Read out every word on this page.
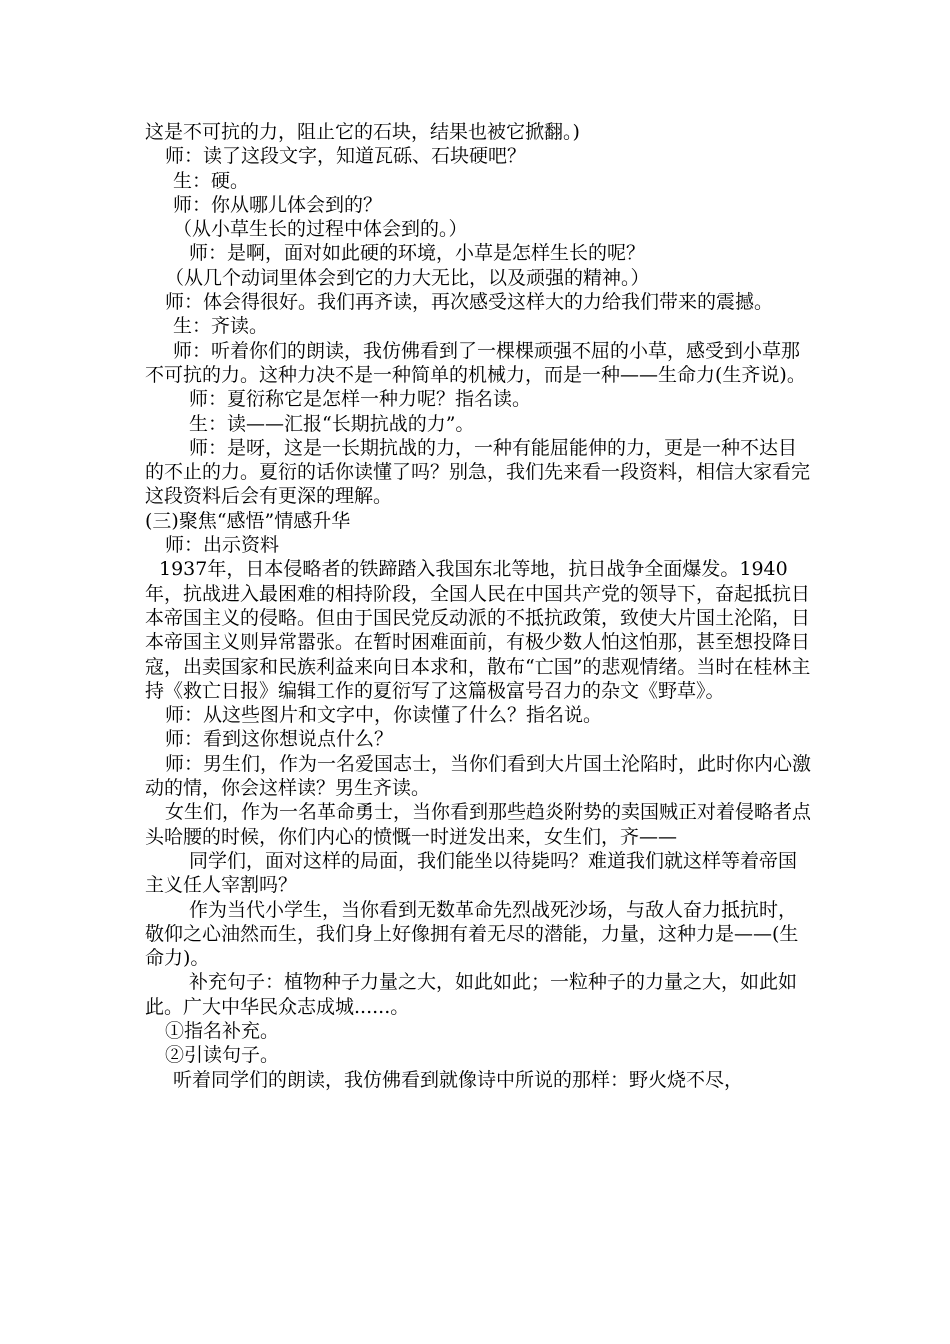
这是不可抗的力，阻止它的石块，结果也被它掀翻。)

师：读了这段文字，知道瓦砾、石块硬吧？

生：硬。

师：你从哪儿体会到的？

（从小草生长的过程中体会到的。）

师：是啊，面对如此硬的环境，小草是怎样生长的呢？

（从几个动词里体会到它的力大无比，以及顽强的精神。）

师：体会得很好。我们再齐读，再次感受这样大的力给我们带来的震撼。

生：齐读。

师：听着你们的朗读，我仿佛看到了一棵棵顽强不屈的小草，感受到小草那不可抗的力。这种力决不是一种简单的机械力，而是一种——生命力(生齐说)。

师：夏衍称它是怎样一种力呢？指名读。

生：读——汇报“长期抗战的力”。

师：是呀，这是一长期抗战的力，一种有能屈能伸的力，更是一种不达目的不止的力。夏衍的话你读懂了吗？别急，我们先来看一段资料，相信大家看完这段资料后会有更深的理解。

(三)聚焦“感悟”情感升华

师：出示资料

1937年，日本侵略者的铁蹄踏入我国东北等地，抗日战争全面爆发。1940年，抗战进入最困难的相持阶段，全国人民在中国共产党的领导下，奋起抵抗日本帝国主义的侵略。但由于国民党反动派的不抵抗政策，致使大片国土沦陷，日本帝国主义则异常嚣张。在暂时困难面前，有极少数人怕这怕那，甚至想投降日寇，出卖国家和民族利益来向日本求和，散布“亡国”的悲观情绪。当时在桂林主持《救亡日报》编辑工作的夏衍写了这篇极富号召力的杂文《野草》。

师：从这些图片和文字中，你读懂了什么？指名说。

师：看到这你想说点什么？

师：男生们，作为一名爱国志士，当你们看到大片国土沦陷时，此时你内心激动的情，你会这样读？男生齐读。

女生们，作为一名革命勇士，当你看到那些趋炎附势的卖国贼正对着侵略者点头哈腰的时候，你们内心的愤慨一时迸发出来，女生们，齐——

同学们，面对这样的局面，我们能坐以待毙吗？难道我们就这样等着帝国主义任人宰割吗？

作为当代小学生，当你看到无数革命先烈战死沙场，与敌人奋力抵抗时，敬仰之心油然而生，我们身上好像拥有着无尽的潜能，力量，这种力是——(生命力)。

补充句子：植物种子力量之大，如此如此；一粒种子的力量之大，如此如此。广大中华民众志成城......。

①指名补充。

②引读句子。

听着同学们的朗读，我仿佛看到就像诗中所说的那样：野火烧不尽，
